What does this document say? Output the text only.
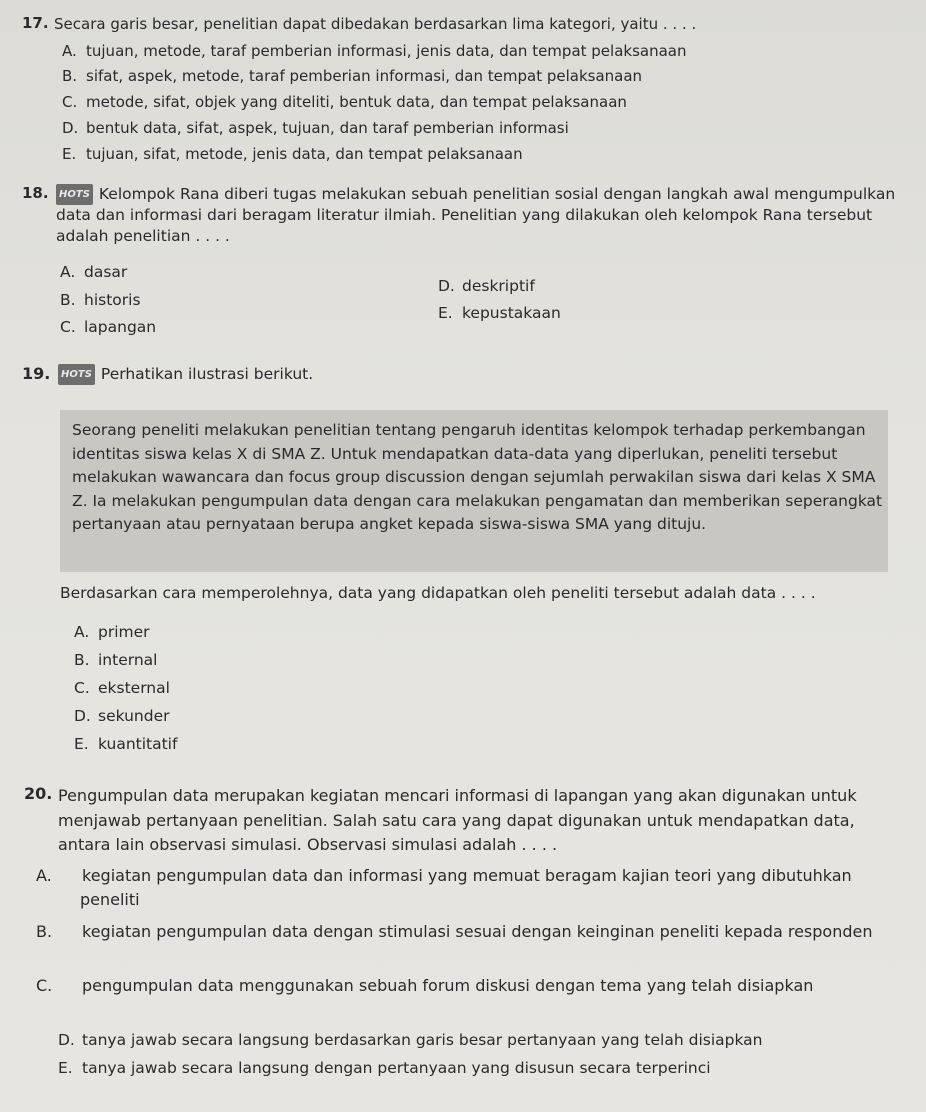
17. Secara garis besar, penelitian dapat dibedakan berdasarkan lima kategori, yaitu . . . .
A. tujuan, metode, taraf pemberian informasi, jenis data, dan tempat pelaksanaan
B. sifat, aspek, metode, taraf pemberian informasi, dan tempat pelaksanaan
C. metode, sifat, objek yang diteliti, bentuk data, dan tempat pelaksanaan
D. bentuk data, sifat, aspek, tujuan, dan taraf pemberian informasi
E. tujuan, sifat, metode, jenis data, dan tempat pelaksanaan
18.	HOTS Kelompok Rana diberi tugas melakukan sebuah penelitian sosial dengan langkah awal mengumpulkan data dan informasi dari beragam literatur ilmiah. Penelitian yang dilakukan oleh kelompok Rana tersebut adalah penelitian . . . .
A. dasar
B. historis
C. lapangan
D. deskriptif
E. kepustakaan
19.	HOTS Perhatikan ilustrasi berikut.

Seorang peneliti melakukan penelitian tentang pengaruh identitas kelompok terhadap perkembangan identitas siswa kelas X di SMA Z. Untuk mendapatkan data-data yang diperlukan, peneliti tersebut melakukan wawancara dan focus group discussion dengan sejumlah perwakilan siswa dari kelas X SMA Z. Ia melakukan pengumpulan data dengan cara melakukan pengamatan dan memberikan seperangkat pertanyaan atau pernyataan berupa angket kepada siswa-siswa SMA yang dituju.

Berdasarkan cara memperolehnya, data yang didapatkan oleh peneliti tersebut adalah data . . . .
A. primer
B. internal
C. eksternal
D. sekunder
E. kuantitatif
20. Pengumpulan data merupakan kegiatan mencari informasi di lapangan yang akan digunakan untuk menjawab pertanyaan penelitian. Salah satu cara yang dapat digunakan untuk mendapatkan data, antara lain observasi simulasi. Observasi simulasi adalah . . . .
A. kegiatan pengumpulan data dan informasi yang memuat beragam kajian teori yang dibutuhkan peneliti
B. kegiatan pengumpulan data dengan stimulasi sesuai dengan keinginan peneliti kepada responden
C. pengumpulan data menggunakan sebuah forum diskusi dengan tema yang telah disiapkan
D. tanya jawab secara langsung berdasarkan garis besar pertanyaan yang telah disiapkan
E. tanya jawab secara langsung dengan pertanyaan yang disusun secara terperinci
